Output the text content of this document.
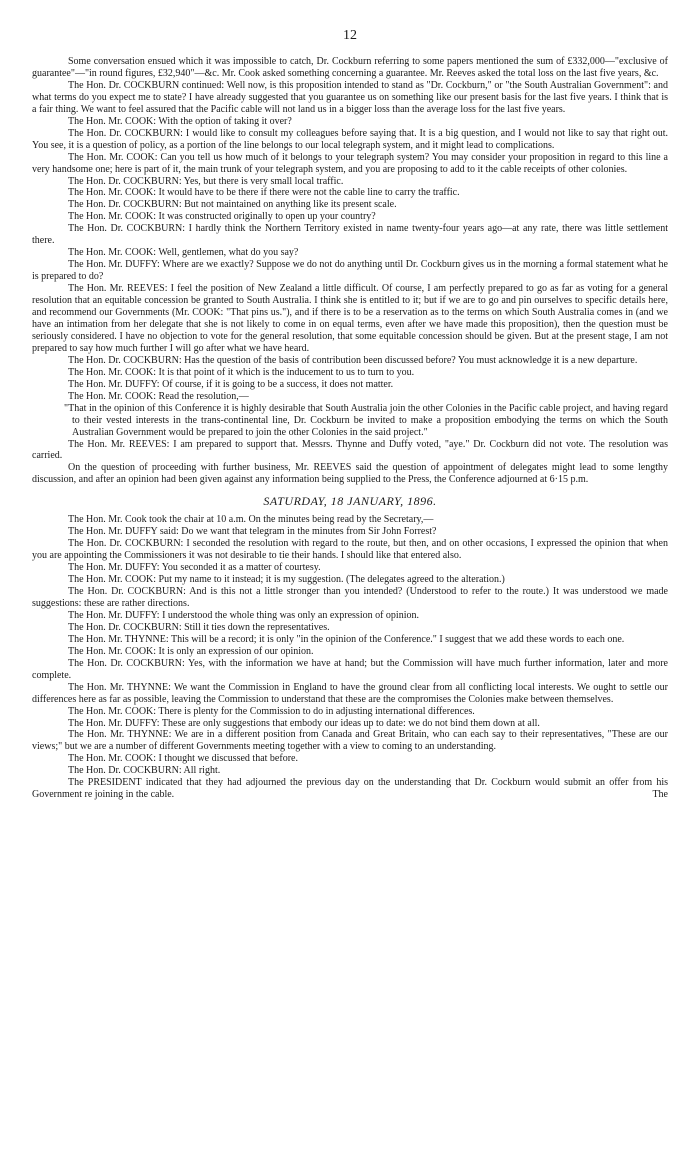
12

Some conversation ensued which it was impossible to catch, Dr. Cockburn referring to some papers mentioned the sum of £332,000—"exclusive of guarantee"—"in round figures, £32,940"—&c. Mr. Cook asked something concerning a guarantee. Mr. Reeves asked the total loss on the last five years, &c.

The Hon. Dr. COCKBURN continued: Well now, is this proposition intended to stand as "Dr. Cockburn," or "the South Australian Government": and what terms do you expect me to state? I have already suggested that you guarantee us on something like our present basis for the last five years. I think that is a fair thing. We want to feel assured that the Pacific cable will not land us in a bigger loss than the average loss for the last five years.

The Hon. Mr. COOK: With the option of taking it over?

The Hon. Dr. COCKBURN: I would like to consult my colleagues before saying that. It is a big question, and I would not like to say that right out. You see, it is a question of policy, as a portion of the line belongs to our local telegraph system, and it might lead to complications.

The Hon. Mr. COOK: Can you tell us how much of it belongs to your telegraph system? You may consider your proposition in regard to this line a very handsome one; here is part of it, the main trunk of your telegraph system, and you are proposing to add to it the cable receipts of other colonies.

The Hon. Dr. COCKBURN: Yes, but there is very small local traffic.

The Hon. Mr. COOK: It would have to be there if there were not the cable line to carry the traffic.

The Hon. Dr. COCKBURN: But not maintained on anything like its present scale.

The Hon. Mr. COOK: It was constructed originally to open up your country?

The Hon. Dr. COCKBURN: I hardly think the Northern Territory existed in name twenty-four years ago—at any rate, there was little settlement there.

The Hon. Mr. COOK: Well, gentlemen, what do you say?

The Hon. Mr. DUFFY: Where are we exactly? Suppose we do not do anything until Dr. Cockburn gives us in the morning a formal statement what he is prepared to do?

The Hon. Mr. REEVES: I feel the position of New Zealand a little difficult. Of course, I am perfectly prepared to go as far as voting for a general resolution that an equitable concession be granted to South Australia. I think she is entitled to it; but if we are to go and pin ourselves to specific details here, and recommend our Governments (Mr. COOK: "That pins us."), and if there is to be a reservation as to the terms on which South Australia comes in (and we have an intimation from her delegate that she is not likely to come in on equal terms, even after we have made this proposition), then the question must be seriously considered. I have no objection to vote for the general resolution, that some equitable concession should be given. But at the present stage, I am not prepared to say how much further I will go after what we have heard.

The Hon. Dr. COCKBURN: Has the question of the basis of contribution been discussed before? You must acknowledge it is a new departure.

The Hon. Mr. COOK: It is that point of it which is the inducement to us to turn to you.

The Hon. Mr. DUFFY: Of course, if it is going to be a success, it does not matter.

The Hon. Mr. COOK: Read the resolution,—

"That in the opinion of this Conference it is highly desirable that South Australia join the other Colonies in the Pacific cable project, and having regard to their vested interests in the trans-continental line, Dr. Cockburn be invited to make a proposition embodying the terms on which the South Australian Government would be prepared to join the other Colonies in the said project."

The Hon. Mr. REEVES: I am prepared to support that. Messrs. Thynne and Duffy voted, "aye." Dr. Cockburn did not vote. The resolution was carried.

On the question of proceeding with further business, Mr. REEVES said the question of appointment of delegates might lead to some lengthy discussion, and after an opinion had been given against any information being supplied to the Press, the Conference adjourned at 6·15 p.m.

SATURDAY, 18 JANUARY, 1896.

The Hon. Mr. Cook took the chair at 10 a.m. On the minutes being read by the Secretary,—

The Hon. Mr. DUFFY said: Do we want that telegram in the minutes from Sir John Forrest?

The Hon. Dr. COCKBURN: I seconded the resolution with regard to the route, but then, and on other occasions, I expressed the opinion that when you are appointing the Commissioners it was not desirable to tie their hands. I should like that entered also.

The Hon. Mr. DUFFY: You seconded it as a matter of courtesy.

The Hon. Mr. COOK: Put my name to it instead; it is my suggestion. (The delegates agreed to the alteration.)

The Hon. Dr. COCKBURN: And is this not a little stronger than you intended? (Understood to refer to the route.) It was understood we made suggestions: these are rather directions.

The Hon. Mr. DUFFY: I understood the whole thing was only an expression of opinion.

The Hon. Dr. COCKBURN: Still it ties down the representatives.

The Hon. Mr. THYNNE: This will be a record; it is only "in the opinion of the Conference." I suggest that we add these words to each one.

The Hon. Mr. COOK: It is only an expression of our opinion.

The Hon. Dr. COCKBURN: Yes, with the information we have at hand; but the Commission will have much further information, later and more complete.

The Hon. Mr. THYNNE: We want the Commission in England to have the ground clear from all conflicting local interests. We ought to settle our differences here as far as possible, leaving the Commission to understand that these are the compromises the Colonies make between themselves.

The Hon. Mr. COOK: There is plenty for the Commission to do in adjusting international differences.

The Hon. Mr. DUFFY: These are only suggestions that embody our ideas up to date: we do not bind them down at all.

The Hon. Mr. THYNNE: We are in a different position from Canada and Great Britain, who can each say to their representatives, "These are our views;" but we are a number of different Governments meeting together with a view to coming to an understanding.

The Hon. Mr. COOK: I thought we discussed that before.

The Hon. Dr. COCKBURN: All right.

The PRESIDENT indicated that they had adjourned the previous day on the understanding that Dr. Cockburn would submit an offer from his Government re joining in the cable.	The
